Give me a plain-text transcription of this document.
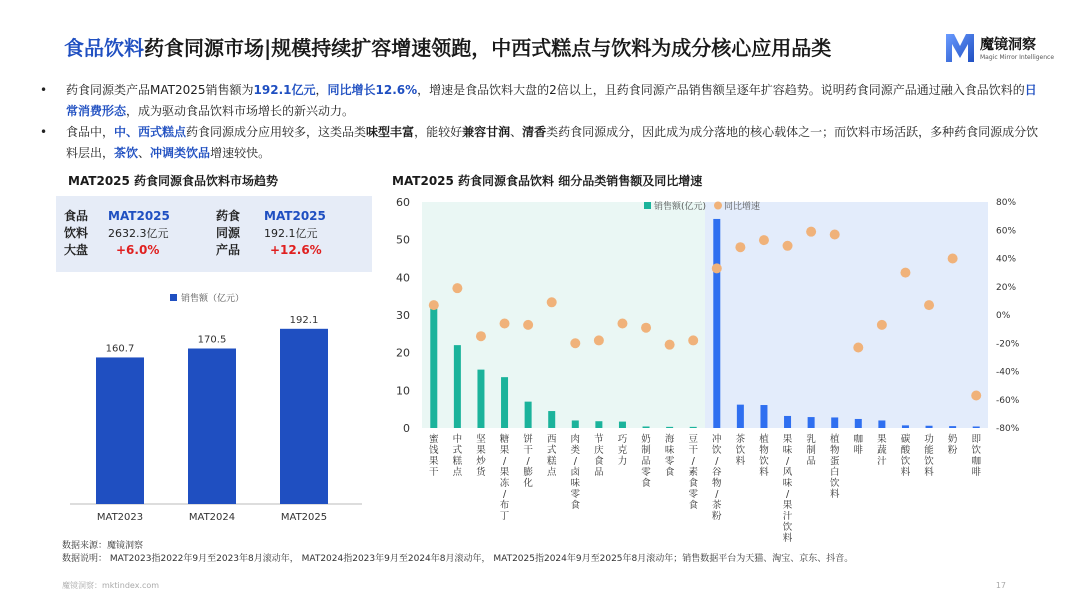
食品饮料药食同源市场|规模持续扩容增速领跑，中西式糕点与饮料为成分核心应用品类	魔镜洞察
Magic Mirror Intelligence
• 药食同源类产品MAT2025销售额为192.1亿元，同比增长12.6%，增速是食品饮料大盘的2倍以上，且药食同源产品销售额呈逐年扩容趋势。说明药食同源产品通过融入食品饮料的日常消费形态，成为驱动食品饮料市场增长的新兴动力。
• 食品中，中、西式糕点药食同源成分应用较多，这类品类味型丰富，能较好兼容甘润、清香类药食同源成分，因此成为成分落地的核心载体之一；而饮料市场活跃，多种药食同源成分饮料层出，茶饮、冲调类饮品增速较快。
MAT2025 药食同源食品饮料市场趋势
食品
饮料
大盘
MAT2025
2632.3亿元
+6.0%
药食
同源
产品
MAT2025
192.1亿元
+12.6%
销售额（亿元）
160.7
MAT2023
170.5
MAT2024
192.1
MAT2025
MAT2025 药食同源食品饮料 细分品类销售额及同比增速
0
10
20
30
40
50
60
-80%
-60%
-40%
-20%
0%
20%
40%
60%
80%
销售额(亿元) 同比增速
蜜饯果干
中式糕点
坚果炒货
糖果/果冻/布丁
饼干/膨化
西式糕点
肉类/卤味零食
节庆食品
巧克力
奶制品零食
海味零食
豆干/素食零食
冲饮/谷物/茶粉
茶饮料
植物饮料
果味/风味/果汁饮料
乳制品
植物蛋白饮料
咖啡
果蔬汁
碳酸饮料
功能饮料
奶粉
即饮咖啡
数据来源：魔镜洞察
数据说明： MAT2023指2022年9月至2023年8月滚动年， MAT2024指2023年9月至2024年8月滚动年， MAT2025指2024年9月至2025年8月滚动年；销售数据平台为天猫、淘宝、京东、抖音。
魔镜洞察：mktindex.com	17
